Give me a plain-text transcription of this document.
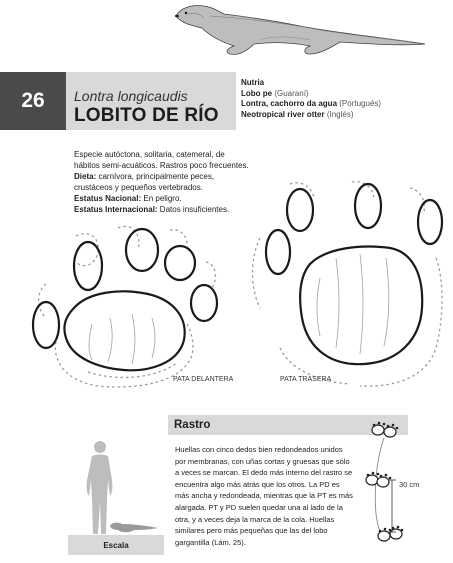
26	Lontra longicaudis
LOBITO DE RÍO
Nutria
Lobo pe (Guaraní)
Lontra, cachorro da agua (Portugués)
Neotropical river otter (Inglés)
Especie autóctona, solitaria, catemeral, de hábitos semi-acuáticos. Rastros poco frecuentes.
Dieta: carnívora, principalmente peces, crustáceos y pequeños vertebrados.
Estatus Nacional: En peligro.
Estatus Internacional: Datos insuficientes.
PATA DELANTERA	PATA TRASERA
Rastro
Huellas con cinco dedos bien redondeados unidos por membranas, con uñas cortas y gruesas que sólo a veces se marcan. El dedo más interno del rastro se encuentra algo más atrás que los otros. La PD es más ancha y redondeada, mientras que la PT es más alargada. PT y PD suelen quedar una al lado de la otra, y a veces deja la marca de la cola. Huellas similares pero más pequeñas que las del lobo gargantilla (Lám. 25).
30 cm
Escala
